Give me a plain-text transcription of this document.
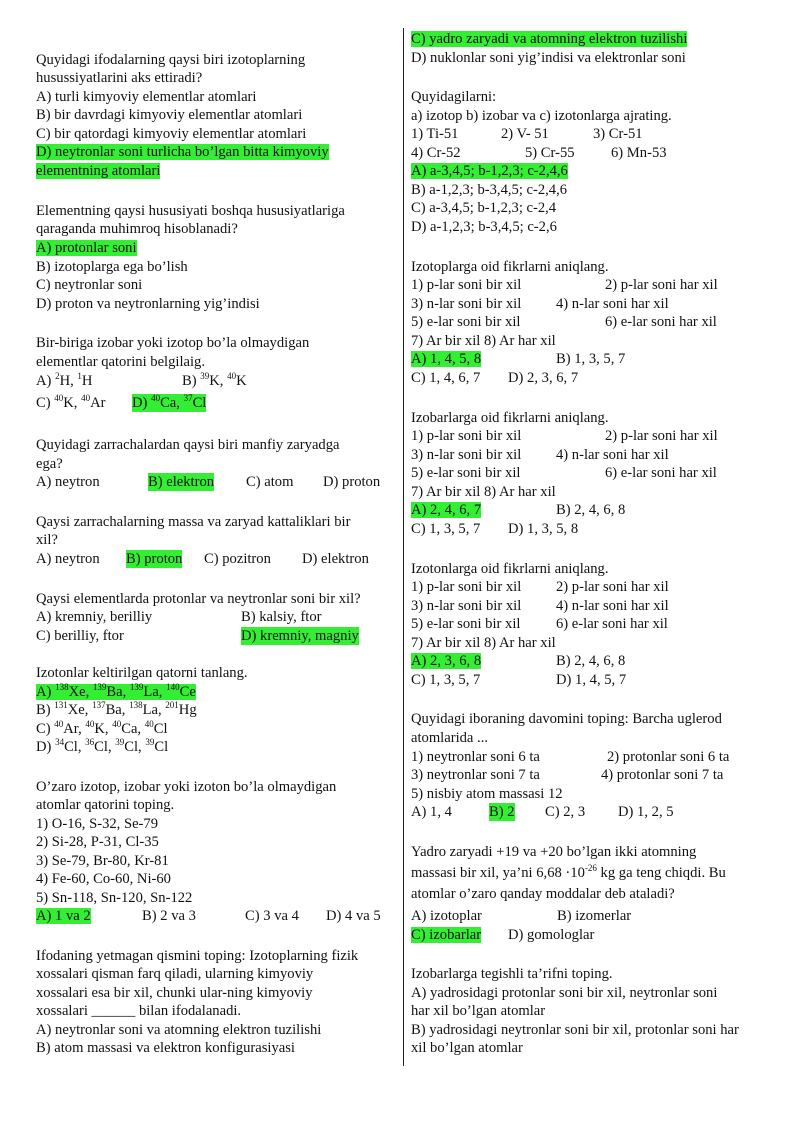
Quyidagi ifodalarning qaysi biri izotoplarning
husussiyatlarini aks ettiradi?
A) turli kimyoviy elementlar atomlari
B) bir davrdagi kimyoviy elementlar atomlari
C) bir qatordagi kimyoviy elementlar atomlari
D) neytronlar soni turlicha bo’lgan bitta kimyoviy
elementning atomlari
Elementning qaysi hususiyati boshqa hususiyatlariga
qaraganda muhimroq hisoblanadi?
A) protonlar soni
B) izotoplarga ega bo’lish
C) neytronlar soni
D) proton va neytronlarning yig’indisi
Bir-biriga izobar yoki izotop bo’la olmaydigan
elementlar qatorini belgilaig.
A) $^2$H, $^1$H	B) $^{39}$K, $^{40}$K
C) $^{40}$K, $^{40}$Ar D) $^{40}$Ca, $^{37}$Cl
Quyidagi zarrachalardan qaysi biri manfiy zaryadga
ega?
A) neytron	B) elektron C) atom D) proton
Qaysi zarrachalarning massa va zaryad kattaliklari bir
xil?
A) neytron B) proton C) pozitron D) elektron
Qaysi elementlarda protonlar va neytronlar soni bir xil?
A) kremniy, berilliy	B) kalsiy, ftor
C) berilliy, ftor	D) kremniy, magniy
Izotonlar keltirilgan qatorni tanlang.
A) $^{138}$Xe, $^{139}$Ba, $^{139}$La, $^{140}$Ce
B) $^{131}$Xe, $^{137}$Ba, $^{138}$La, $^{201}$Hg
C) $^{40}$Ar, $^{40}$K, $^{40}$Ca, $^{40}$Cl
D) $^{34}$Cl, $^{36}$Cl, $^{39}$Cl, $^{39}$Cl
O’zaro izotop, izobar yoki izoton bo’la olmaydigan
atomlar qatorini toping.
1) O-16, S-32, Se-79
2) Si-28, P-31, Cl-35
3) Se-79, Br-80, Kr-81
4) Fe-60, Co-60, Ni-60
5) Sn-118, Sn-120, Sn-122
A) 1 va 2	B) 2 va 3	C) 3 va 4 D) 4 va 5
Ifodaning yetmagan qismini toping: Izotoplarning fizik
xossalari qisman farq qiladi, ularning kimyoviy
xossalari esa bir xil, chunki ular-ning kimyoviy
xossalari ______ bilan ifodalanadi.
A) neytronlar soni va atomning elektron tuzilishi
B) atom massasi va elektron konfigurasiyasi
C) yadro zaryadi va atomning elektron tuzilishi
D) nuklonlar soni yig’indisi va elektronlar soni
Quyidagilarni:
a) izotop b) izobar va c) izotonlarga ajrating.
1) Ti-51	2) V- 51	3) Cr-51
4) Cr-52	5) Cr-55 6) Mn-53
A) a-3,4,5; b-1,2,3; c-2,4,6
B) a-1,2,3; b-3,4,5; c-2,4,6
C) a-3,4,5; b-1,2,3; c-2,4
D) a-1,2,3; b-3,4,5; c-2,6
Izotoplarga oid fikrlarni aniqlang.
1) p-lar soni bir xil	2) p-lar soni har xil
3) n-lar soni bir xil 4) n-lar soni har xil
5) e-lar soni bir xil	6) e-lar soni har xil
7) Ar bir xil 8) Ar har xil
A) 1, 4, 5, 8	B) 1, 3, 5, 7
C) 1, 4, 6, 7 D) 2, 3, 6, 7
Izobarlarga oid fikrlarni aniqlang.
1) p-lar soni bir xil	2) p-lar soni har xil
3) n-lar soni bir xil 4) n-lar soni har xil
5) e-lar soni bir xil	6) e-lar soni har xil
7) Ar bir xil 8) Ar har xil
A) 2, 4, 6, 7	B) 2, 4, 6, 8
C) 1, 3, 5, 7 D) 1, 3, 5, 8
Izotonlarga oid fikrlarni aniqlang.
1) p-lar soni bir xil 2) p-lar soni har xil
3) n-lar soni bir xil 4) n-lar soni har xil
5) e-lar soni bir xil 6) e-lar soni har xil
7) Ar bir xil 8) Ar har xil
A) 2, 3, 6, 8	B) 2, 4, 6, 8
C) 1, 3, 5, 7	D) 1, 4, 5, 7
Quyidagi iboraning davomini toping: Barcha uglerod
atomlarida ...
1) neytronlar soni 6 ta	2) protonlar soni 6 ta
3) neytronlar soni 7 ta	4) protonlar soni 7 ta
5) nisbiy atom massasi 12
A) 1, 4	B) 2 C) 2, 3 D) 1, 2, 5
Yadro zaryadi +19 va +20 bo’lgan ikki atomning
massasi bir xil, ya’ni $6,68 \cdot 10^{-26}$ kg ga teng chiqdi. Bu
atomlar o’zaro qanday moddalar deb ataladi?
A) izotoplar	B) izomerlar
C) izobarlar D) gomologlar
Izobarlarga tegishli ta’rifni toping.
A) yadrosidagi protonlar soni bir xil, neytronlar soni
har xil bo’lgan atomlar
B) yadrosidagi neytronlar soni bir xil, protonlar soni har
xil bo’lgan atomlar
